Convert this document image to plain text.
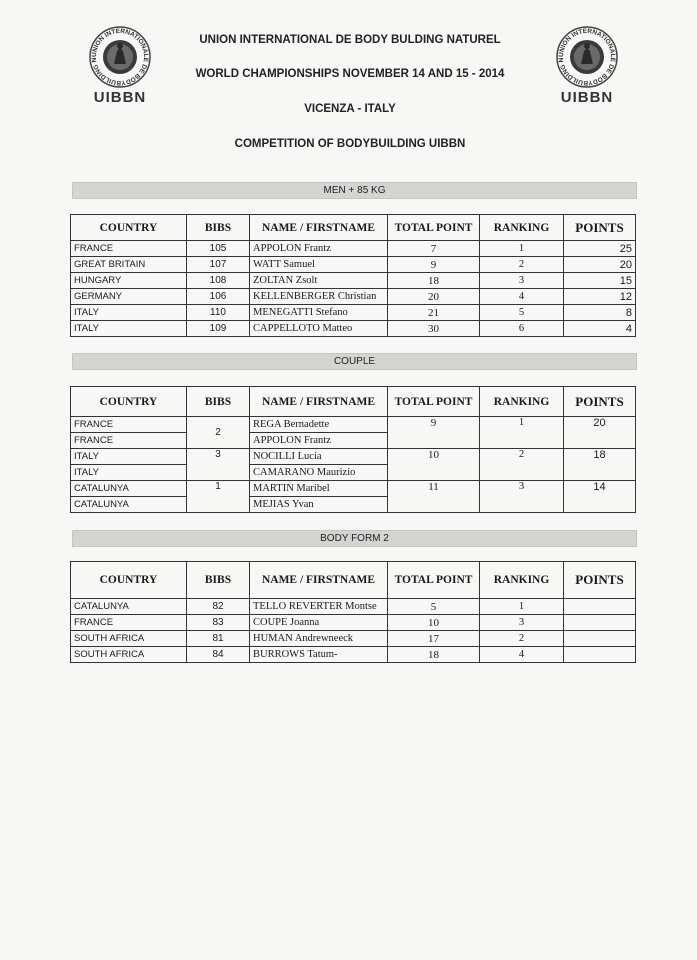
UNION INTERNATIONALE DE BODYBUILDING N
UIBBN
UNION INTERNATIONALE DE BODYBUILDING N
UIBBN
UNION INTERNATIONAL DE BODY BULDING NATUREL
WORLD CHAMPIONSHIPS NOVEMBER 14 AND 15 - 2014
VICENZA - ITALY
COMPETITION OF BODYBUILDING UIBBN
MEN + 85 KG
COUNTRY	BIBS	NAME / FIRSTNAME	TOTAL POINT	RANKING	POINTS
FRANCE	105	APPOLON Frantz	7	1	25
GREAT BRITAIN	107	WATT Samuel	9	2	20
HUNGARY	108	ZOLTAN Zsolt	18	3	15
GERMANY	106	KELLENBERGER Christian	20	4	12
ITALY	110	MENEGATTI Stefano	21	5	8
ITALY	109	CAPPELLOTO Matteo	30	6	4
COUPLE
COUNTRY	BIBS	NAME / FIRSTNAME	TOTAL POINT	RANKING	POINTS
FRANCE	2	REGA Bernadette	9	1	20
FRANCE		APPOLON Frantz			
ITALY	3	NOCILLI Lucia	10	2	18
ITALY		CAMARANO Maurizio			
CATALUNYA	1	MARTIN Maribel	11	3	14
CATALUNYA		MEJIAS Yvan			
BODY FORM 2
COUNTRY	BIBS	NAME / FIRSTNAME	TOTAL POINT	RANKING	POINTS
CATALUNYA	82	TELLO REVERTER Montse	5	1	
FRANCE	83	COUPE Joanna	10	3	
SOUTH AFRICA	81	HUMAN Andrewneeck	17	2	
SOUTH AFRICA	84	BURROWS Tatum-	18	4	
